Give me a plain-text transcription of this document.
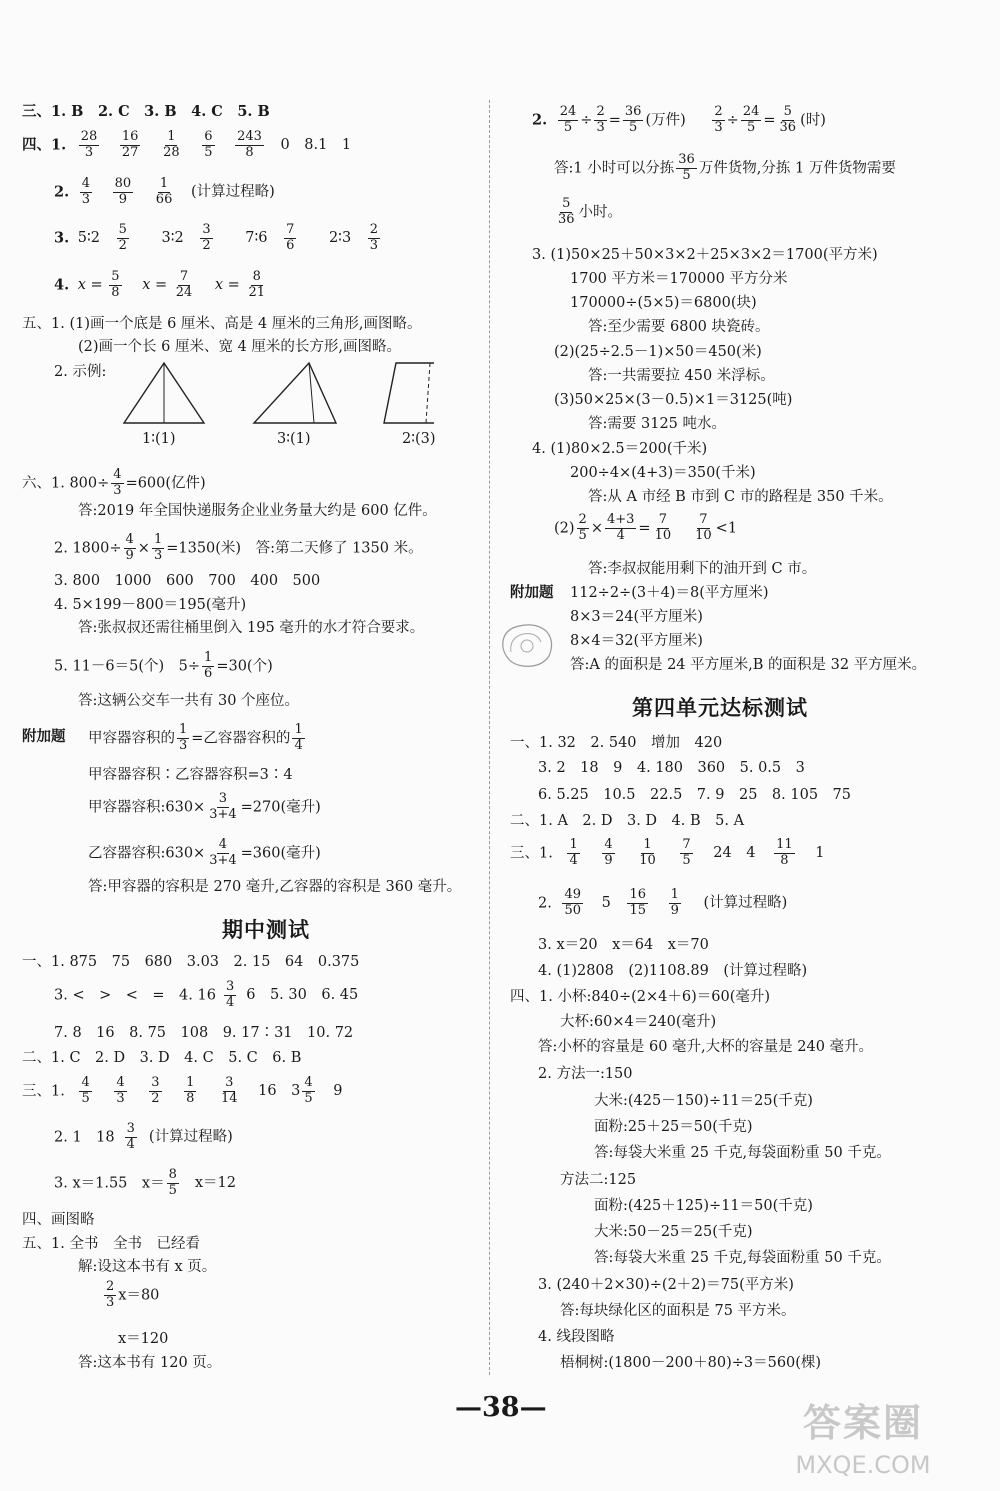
三、1. B　2. C　3. B　4. C　5. B
四、1. $\frac{28}{3}$
$\frac{16}{27}$
$\frac{1}{28}$
$\frac{6}{5}$
$\frac{243}{8} 0$　8.1　1
2. $\frac{4}{3}$
$\frac{80}{9}$
$\frac{1}{66}$ (计算过程略)
3. 5∶2 $\frac{5}{2}$ 3∶2 $\frac{3}{2}$ 7∶6 $\frac{7}{6}$ 2∶3 $\frac{2}{3}$
4. $x = \frac{5}{8}$ $x = \frac{7}{24}$ $x = \frac{8}{21}$
五、1. (1)画一个底是 6 厘米、高是 4 厘米的三角形,画图略。
(2)画一个长 6 厘米、宽 4 厘米的长方形,画图略。
2. 示例:
1∶(1)	3∶(1)	2∶(3)
六、1. $800\div \frac{4}{3} =600$(亿件)
答:2019 年全国快递服务企业业务量大约是 600 亿件。
2. $1800\div \frac{4}{9} \times \frac{1}{3} =1350$(米)　答:第二天修了 1350 米。
3. 800　1000　600　700　400　500
4. 5×199－800＝195(毫升)
答:张叔叔还需往桶里倒入 195 毫升的水才符合要求。
5. 11－6＝5(个)　$5\div \frac{1}{6} =30$(个)
答:这辆公交车一共有 30 个座位。
附加题 甲容器容积的 $\frac{1}{3}$ =乙容器容积的 $\frac{1}{4}$
甲容器容积∶乙容器容积=3∶4
甲容器容积:630× $\frac{3}{3+4} =270$(毫升)
乙容器容积:630× $\frac{4}{3+4} =360$(毫升)
答:甲容器的容积是 270 毫升,乙容器的容积是 360 毫升。
期中测试
一、1. 875　75　680　3.03　2. 15　64　0.375
3. <　>　<　=　4. $16 \frac{3}{4} 6$　5. 30　6. 45
7. 8　16　8. 75　108　9. 17∶31　10. 72
二、1. C　2. D　3. D　4. C　5. C　6. B
三、1. $\frac{4}{5}$
$\frac{4}{3}$
$\frac{3}{2}$
$\frac{1}{8}$
$\frac{3}{14} 16$　$3 \frac{4}{5} 9$
2. 1　$18 \frac{3}{4}$ (计算过程略)
3. x＝1.55　$x= \frac{8}{5} x=12$
四、画图略
五、1. 全书　全书　已经看
解:设这本书有 x 页。
$\frac{2}{3} x=80$
x＝120
答:这本书有 120 页。
2. $\frac{24}{5} \div \frac{2}{3} = \frac{36}{5}$ (万件) $\frac{2}{3} \div \frac{24}{5} = \frac{5}{36}$ (时)
答:1 小时可以分拣 $\frac{36}{5}$ 万件货物,分拣 1 万件货物需要
$\frac{5}{36}$ 小时。
3. (1)50×25＋50×3×2＋25×3×2＝1700(平方米)
1700 平方米＝170000 平方分米
170000÷(5×5)＝6800(块)
答:至少需要 6800 块瓷砖。
(2)(25÷2.5－1)×50＝450(米)
答:一共需要拉 450 米浮标。
(3)50×25×(3－0.5)×1＝3125(吨)
答:需要 3125 吨水。
4. (1)80×2.5＝200(千米)
200÷4×(4+3)＝350(千米)
答:从 A 市经 B 市到 C 市的路程是 350 千米。
$(2) \frac{2}{5} \times \frac{4+3}{4} = \frac{7}{10} \frac{7}{10} <1$
答:李叔叔能用剩下的油开到 C 市。
附加题 112÷2÷(3＋4)＝8(平方厘米)
8×3＝24(平方厘米)
8×4＝32(平方厘米)
答:A 的面积是 24 平方厘米,B 的面积是 32 平方厘米。
第四单元达标测试
一、1. 32　2. 540　增加　420
3. 2　18　9　4. 180　360　5. 0.5　3
6. 5.25　10.5　22.5　7. 9　25　8. 105　75
二、1. A　2. D　3. D　4. B　5. A
三、1. $\frac{1}{4}$
$\frac{4}{9}$
$\frac{1}{10}$
$\frac{7}{5} 24$　$4 \frac{11}{8} 1$
2. $\frac{49}{50} 5 \frac{16}{15}$
$\frac{1}{9}$ (计算过程略)
3. x＝20　x＝64　x＝70
4. (1)2808　(2)1108.89　(计算过程略)
四、1. 小杯:840÷(2×4＋6)＝60(毫升)
大杯:60×4＝240(毫升)
答:小杯的容量是 60 毫升,大杯的容量是 240 毫升。
2. 方法一:150
大米:(425－150)÷11＝25(千克)
面粉:25＋25＝50(千克)
答:每袋大米重 25 千克,每袋面粉重 50 千克。
方法二:125
面粉:(425＋125)÷11＝50(千克)
大米:50－25＝25(千克)
答:每袋大米重 25 千克,每袋面粉重 50 千克。
3. (240＋2×30)÷(2＋2)＝75(平方米)
答:每块绿化区的面积是 75 平方米。
4. 线段图略
梧桐树:(1800－200＋80)÷3＝560(棵)
—38—	答案圈
MXQE.COM
